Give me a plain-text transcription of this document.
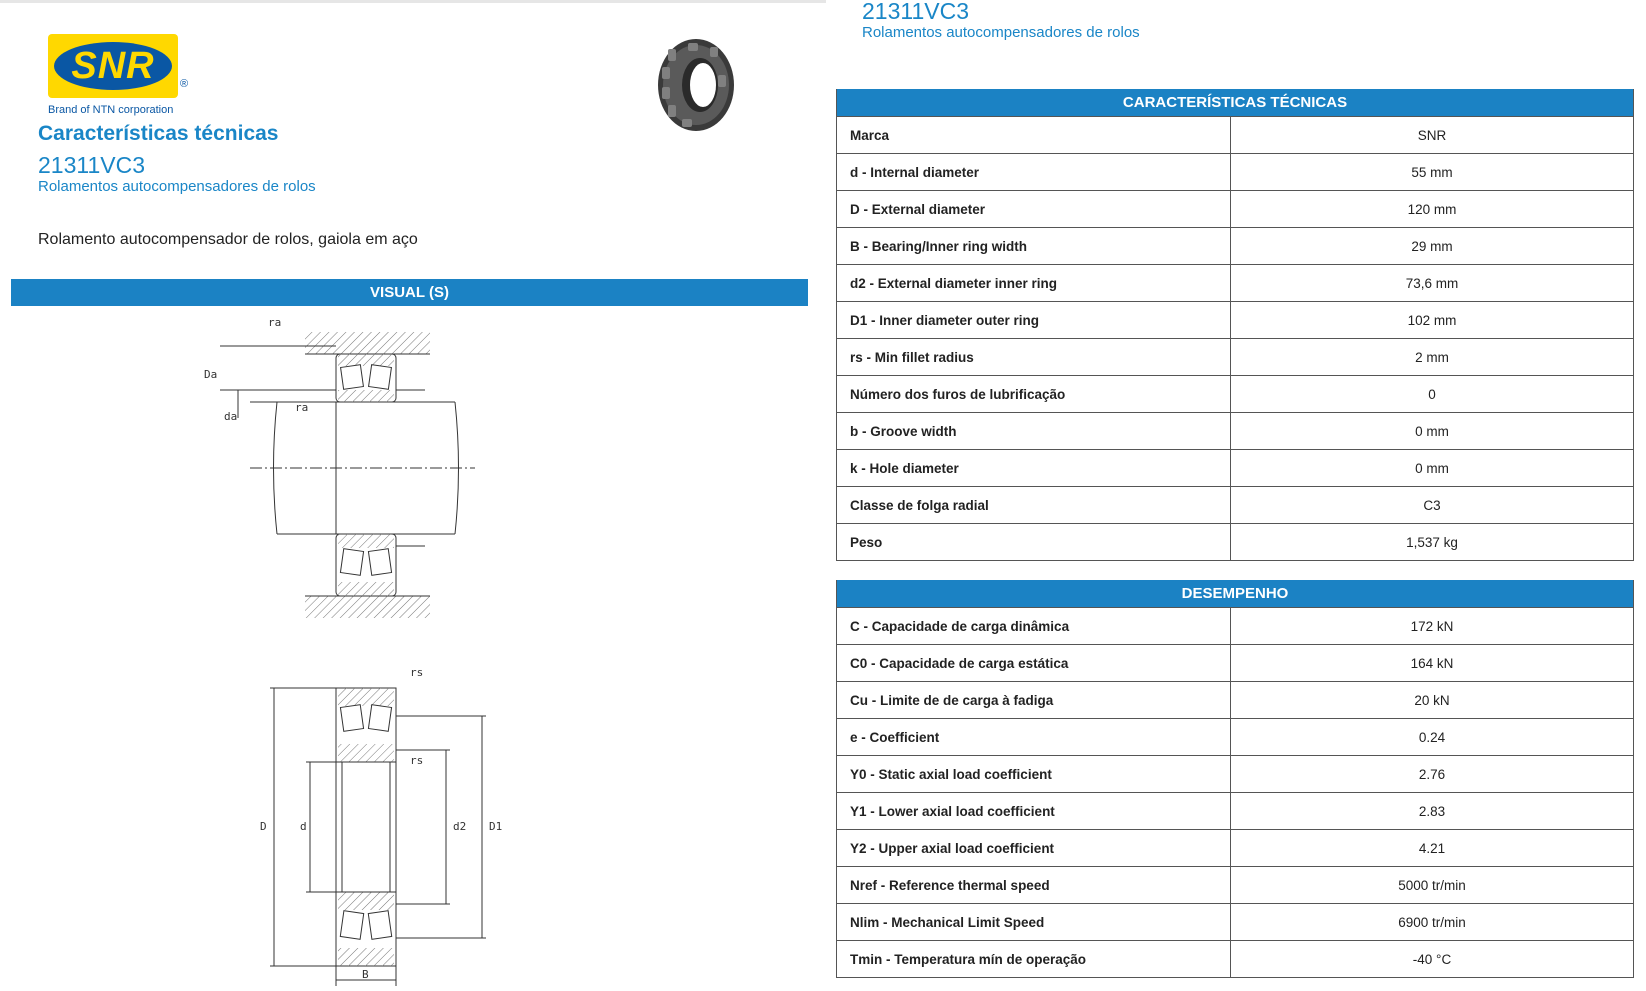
SNR	®
Brand of NTN corporation
Características técnicas
21311VC3
Rolamentos autocompensadores de rolos
Rolamento autocompensador de rolos, gaiola em aço
VISUAL (S)
ra
Da
ra
da
rs
rs
D	d	d2 D1
B
21311VC3
Rolamentos autocompensadores de rolos
CARACTERÍSTICAS TÉCNICAS
Marca	SNR
d - Internal diameter	55 mm
D - External diameter	120 mm
B - Bearing/Inner ring width	29 mm
d2 - External diameter inner ring	73,6 mm
D1 - Inner diameter outer ring	102 mm
rs - Min fillet radius	2 mm
Número dos furos de lubrificação	0
b - Groove width	0 mm
k - Hole diameter	0 mm
Classe de folga radial	C3
Peso	1,537 kg
DESEMPENHO
C - Capacidade de carga dinâmica	172 kN
C0 - Capacidade de carga estática	164 kN
Cu - Limite de de carga à fadiga	20 kN
e - Coefficient	0.24
Y0 - Static axial load coefficient	2.76
Y1 - Lower axial load coefficient	2.83
Y2 - Upper axial load coefficient	4.21
Nref - Reference thermal speed	5000 tr/min
Nlim - Mechanical Limit Speed	6900 tr/min
Tmin - Temperatura mín de operação	-40 °C
